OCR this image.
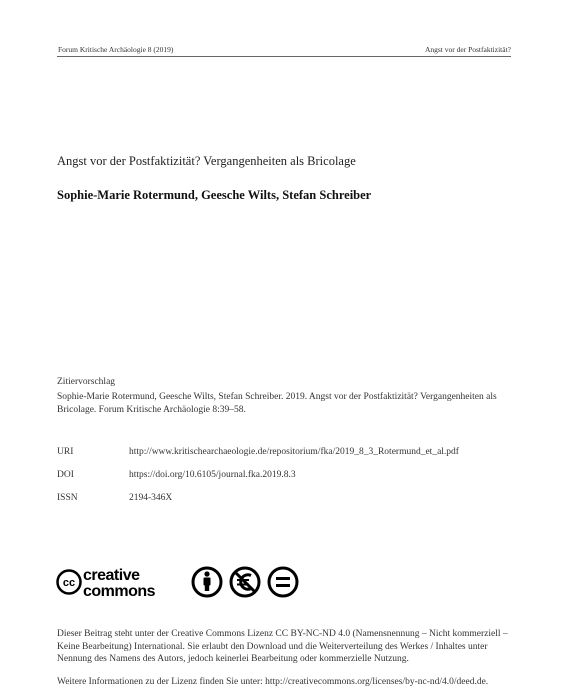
Forum Kritische Archäologie 8 (2019)	Angst vor der Postfaktizität?
Angst vor der Postfaktizität? Vergangenheiten als Bricolage
Sophie-Marie Rotermund, Geesche Wilts, Stefan Schreiber
Zitiervorschlag
Sophie-Marie Rotermund, Geesche Wilts, Stefan Schreiber. 2019. Angst vor der Postfaktizität? Vergangenheiten als Bricolage. Forum Kritische Archäologie 8:39–58.
URI	http://www.kritischearchaeologie.de/repositorium/fka/2019_8_3_Rotermund_et_al.pdf
DOI	https://doi.org/10.6105/journal.fka.2019.8.3
ISSN	2194-346X
cc creative
commons
Dieser Beitrag steht unter der Creative Commons Lizenz CC BY-NC-ND 4.0 (Namensnennung – Nicht kommerziell – Keine Bearbeitung) International. Sie erlaubt den Download und die Weiterverteilung des Werkes / Inhaltes unter Nennung des Namens des Autors, jedoch keinerlei Bearbeitung oder kommerzielle Nutzung.
Weitere Informationen zu der Lizenz finden Sie unter: http://creativecommons.org/licenses/by-nc-nd/4.0/deed.de.
